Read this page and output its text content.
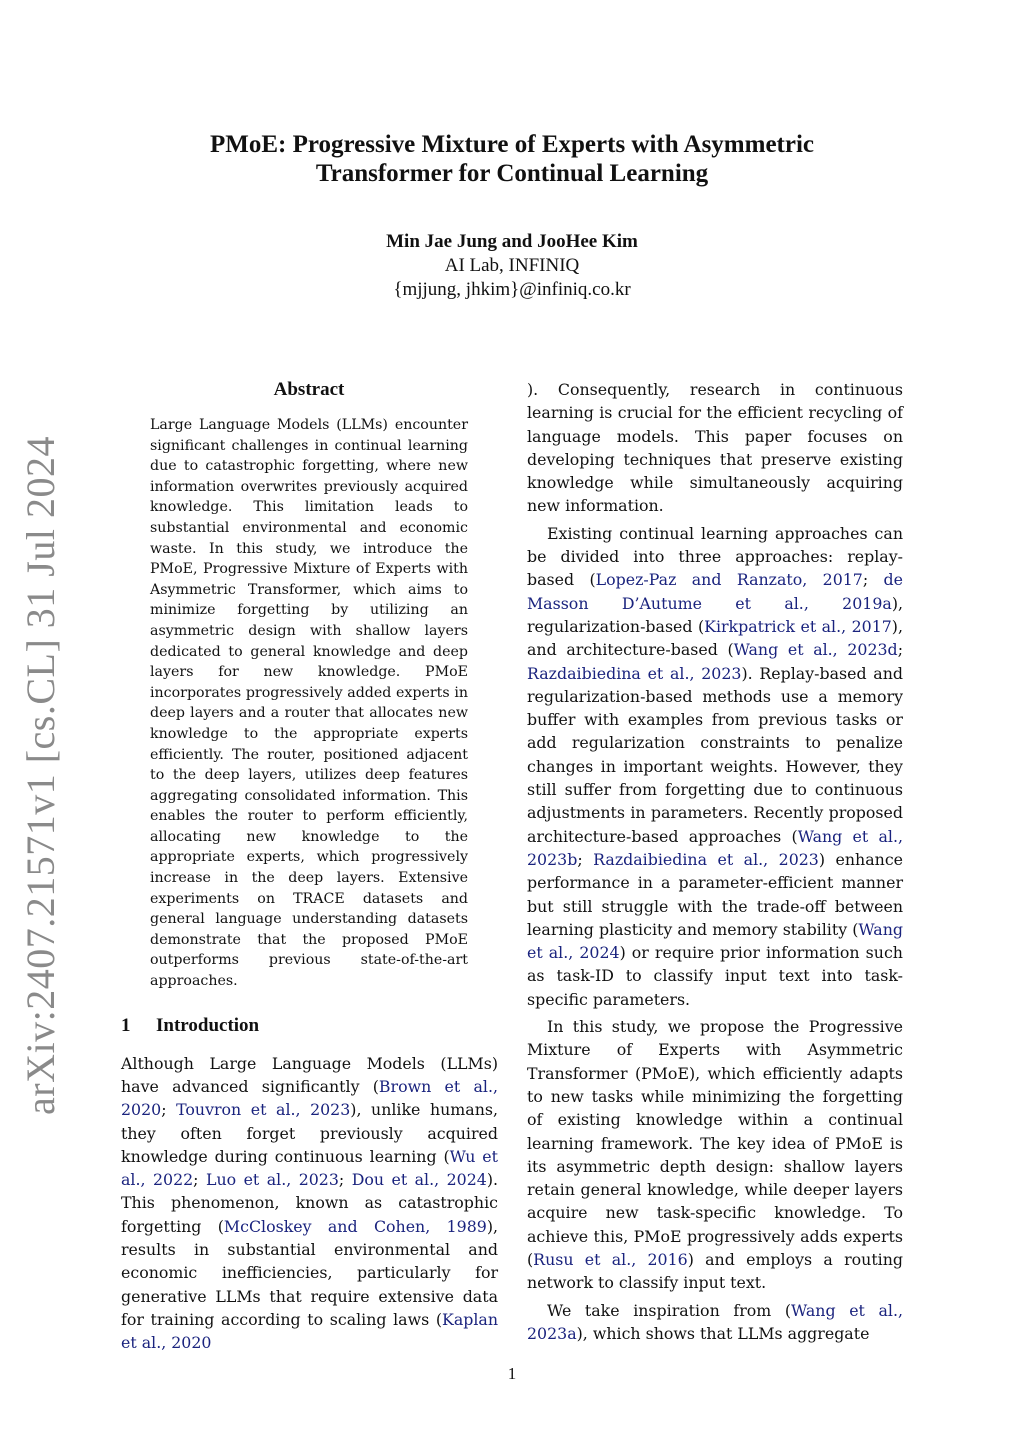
arXiv:2407.21571v1 [cs.CL] 31 Jul 2024
PMoE: Progressive Mixture of Experts with Asymmetric
Transformer for Continual Learning
Min Jae Jung and JooHee Kim
AI Lab, INFINIQ
{mjjung, jhkim}@infiniq.co.kr
Abstract

Large Language Models (LLMs) encounter significant challenges in continual learning due to catastrophic forgetting, where new information overwrites previously acquired knowledge. This limitation leads to substantial environmental and economic waste. In this study, we introduce the PMoE, Progressive Mixture of Experts with Asymmetric Transformer, which aims to minimize forgetting by utilizing an asymmetric design with shallow layers dedicated to general knowledge and deep layers for new knowledge. PMoE incorporates progressively added experts in deep layers and a router that allocates new knowledge to the appropriate experts efficiently. The router, positioned adjacent to the deep layers, utilizes deep features aggregating consolidated information. This enables the router to perform efficiently, allocating new knowledge to the appropriate experts, which progressively increase in the deep layers. Extensive experiments on TRACE datasets and general language understanding datasets demonstrate that the proposed PMoE outperforms previous state-of-the-art approaches.

1 Introduction

Although Large Language Models (LLMs) have advanced significantly (Brown et al., 2020; Touvron et al., 2023), unlike humans, they often forget previously acquired knowledge during continuous learning (Wu et al., 2022; Luo et al., 2023; Dou et al., 2024). This phenomenon, known as catastrophic forgetting (McCloskey and Cohen, 1989), results in substantial environmental and economic inefficiencies, particularly for generative LLMs that require extensive data for training according to scaling laws (Kaplan et al., 2020

). Consequently, research in continuous learning is crucial for the efficient recycling of language models. This paper focuses on developing techniques that preserve existing knowledge while simultaneously acquiring new information.

Existing continual learning approaches can be divided into three approaches: replay-based (Lopez-Paz and Ranzato, 2017; de Masson D’Autume et al., 2019a), regularization-based (Kirkpatrick et al., 2017), and architecture-based (Wang et al., 2023d; Razdaibiedina et al., 2023). Replay-based and regularization-based methods use a memory buffer with examples from previous tasks or add regularization constraints to penalize changes in important weights. However, they still suffer from forgetting due to continuous adjustments in parameters. Recently proposed architecture-based approaches (Wang et al., 2023b; Razdaibiedina et al., 2023) enhance performance in a parameter-efficient manner but still struggle with the trade-off between learning plasticity and memory stability (Wang et al., 2024) or require prior information such as task-ID to classify input text into task-specific parameters.

In this study, we propose the Progressive Mixture of Experts with Asymmetric Transformer (PMoE), which efficiently adapts to new tasks while minimizing the forgetting of existing knowledge within a continual learning framework. The key idea of PMoE is its asymmetric depth design: shallow layers retain general knowledge, while deeper layers acquire new task-specific knowledge. To achieve this, PMoE progressively adds experts (Rusu et al., 2016) and employs a routing network to classify input text.

We take inspiration from (Wang et al., 2023a), which shows that LLMs aggregate

1
